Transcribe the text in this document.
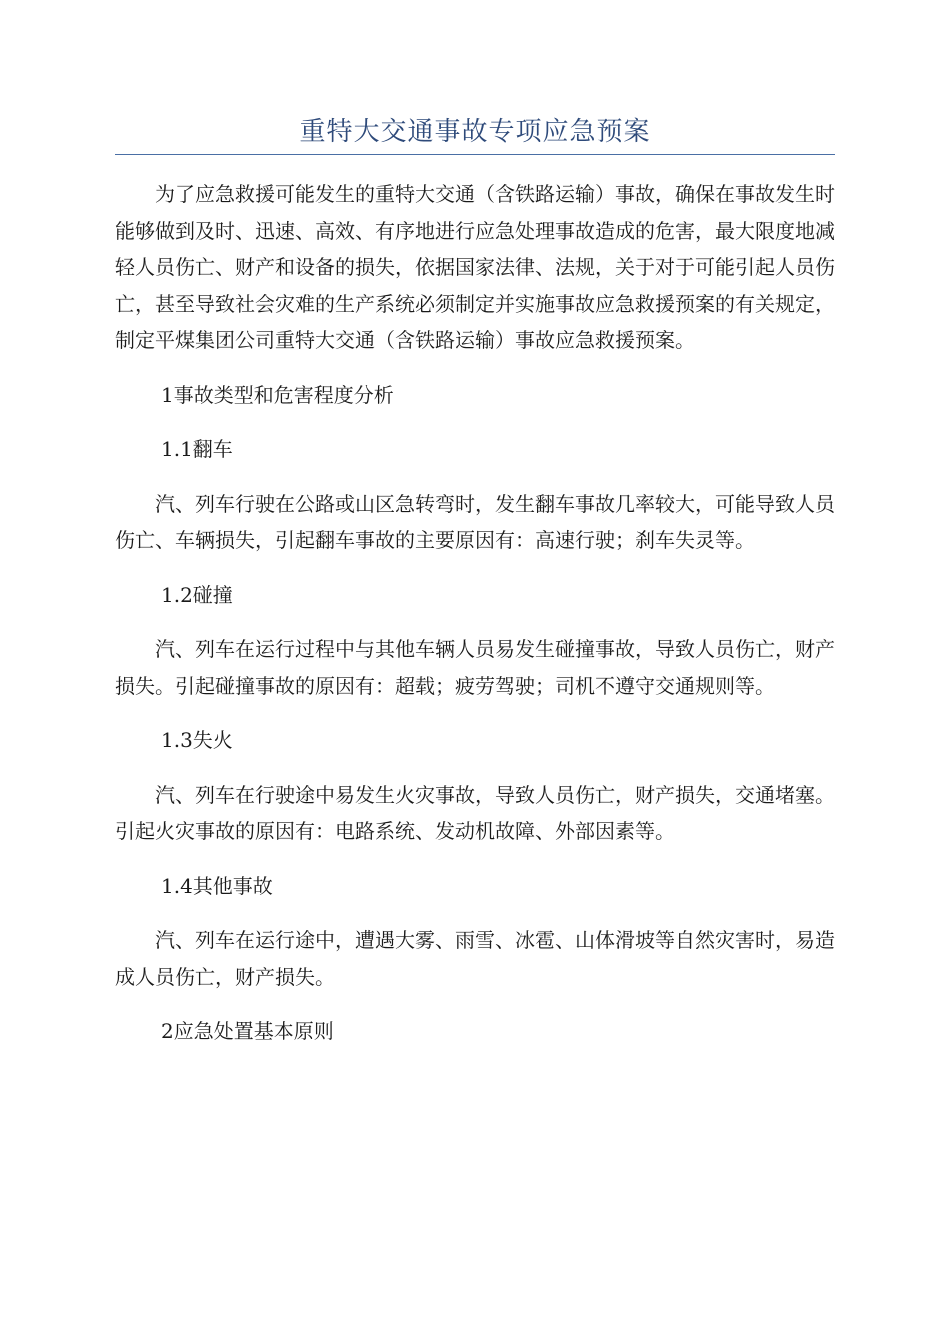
重特大交通事故专项应急预案

为了应急救援可能发生的重特大交通（含铁路运输）事故，确保在事故发生时能够做到及时、迅速、高效、有序地进行应急处理事故造成的危害，最大限度地减轻人员伤亡、财产和设备的损失，依据国家法律、法规，关于对于可能引起人员伤亡，甚至导致社会灾难的生产系统必须制定并实施事故应急救援预案的有关规定，制定平煤集团公司重特大交通（含铁路运输）事故应急救援预案。

1事故类型和危害程度分析

1.1翻车

汽、列车行驶在公路或山区急转弯时，发生翻车事故几率较大，可能导致人员伤亡、车辆损失，引起翻车事故的主要原因有：高速行驶；刹车失灵等。

1.2碰撞

汽、列车在运行过程中与其他车辆人员易发生碰撞事故，导致人员伤亡，财产损失。引起碰撞事故的原因有：超载；疲劳驾驶；司机不遵守交通规则等。

1.3失火

汽、列车在行驶途中易发生火灾事故，导致人员伤亡，财产损失，交通堵塞。引起火灾事故的原因有：电路系统、发动机故障、外部因素等。

1.4其他事故

汽、列车在运行途中，遭遇大雾、雨雪、冰雹、山体滑坡等自然灾害时，易造成人员伤亡，财产损失。

2应急处置基本原则
